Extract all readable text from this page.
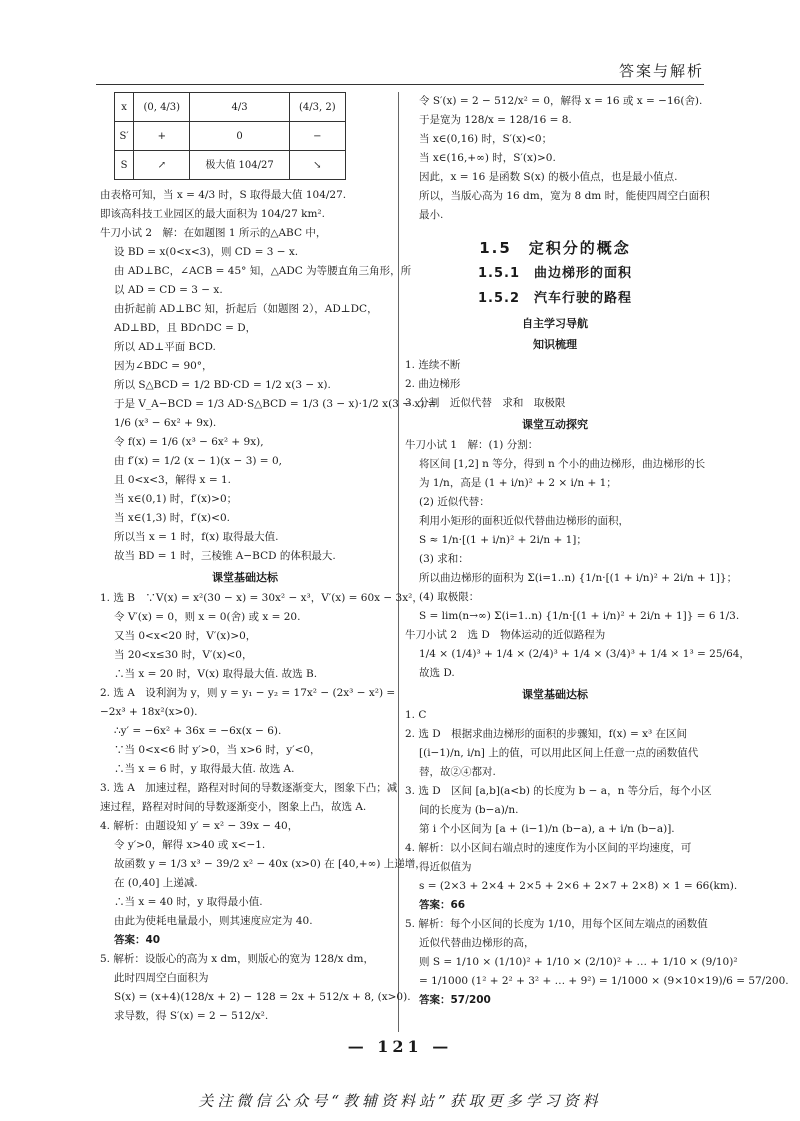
答案与解析
x	(0, 4/3)	4/3	(4/3, 2)
S′	+	0	−
S	↗	极大值 104/27	↘
由表格可知，当 x = 4/3 时，S 取得最大值 104/27.
即该高科技工业园区的最大面积为 104/27 km².
牛刀小试 2　解：在如题图 1 所示的△ABC 中，
设 BD = x(0<x<3)，则 CD = 3 − x.
由 AD⊥BC，∠ACB = 45° 知，△ADC 为等腰直角三角形，所
以 AD = CD = 3 − x.
由折起前 AD⊥BC 知，折起后（如题图 2），AD⊥DC，
AD⊥BD，且 BD∩DC = D，
所以 AD⊥平面 BCD.
因为∠BDC = 90°，
所以 S△BCD = 1/2 BD·CD = 1/2 x(3 − x).
于是 V_A−BCD = 1/3 AD·S△BCD = 1/3 (3 − x)·1/2 x(3 − x) =
1/6 (x³ − 6x² + 9x).
令 f(x) = 1/6 (x³ − 6x² + 9x),
由 f′(x) = 1/2 (x − 1)(x − 3) = 0,
且 0<x<3，解得 x = 1.
当 x∈(0,1) 时，f′(x)>0；
当 x∈(1,3) 时，f′(x)<0.
所以当 x = 1 时，f(x) 取得最大值.
故当 BD = 1 时，三棱锥 A−BCD 的体积最大.
课堂基础达标
1. 选 B　∵V(x) = x²(30 − x) = 30x² − x³，V′(x) = 60x − 3x²，
令 V′(x) = 0，则 x = 0(舍) 或 x = 20.
又当 0<x<20 时，V′(x)>0，
当 20<x≤30 时，V′(x)<0，
∴当 x = 20 时，V(x) 取得最大值. 故选 B.
2. 选 A　设利润为 y，则 y = y₁ − y₂ = 17x² − (2x³ − x²) =
−2x³ + 18x²(x>0).
∴y′ = −6x² + 36x = −6x(x − 6).
∵当 0<x<6 时 y′>0，当 x>6 时，y′<0，
∴当 x = 6 时，y 取得最大值. 故选 A.
3. 选 A　加速过程，路程对时间的导数逐渐变大，图象下凸；减
速过程，路程对时间的导数逐渐变小，图象上凸，故选 A.
4. 解析：由题设知 y′ = x² − 39x − 40，
令 y′>0，解得 x>40 或 x<−1.
故函数 y = 1/3 x³ − 39/2 x² − 40x (x>0) 在 [40,+∞) 上递增，
在 (0,40] 上递减.
∴当 x = 40 时，y 取得最小值.
由此为使耗电量最小，则其速度应定为 40.
答案：40
5. 解析：设版心的高为 x dm，则版心的宽为 128/x dm，
此时四周空白面积为
S(x) = (x+4)(128/x + 2) − 128 = 2x + 512/x + 8, (x>0).
求导数，得 S′(x) = 2 − 512/x².
令 S′(x) = 2 − 512/x² = 0，解得 x = 16 或 x = −16(舍).
于是宽为 128/x = 128/16 = 8.
当 x∈(0,16) 时，S′(x)<0；
当 x∈(16,+∞) 时，S′(x)>0.
因此，x = 16 是函数 S(x) 的极小值点，也是最小值点.
所以，当版心高为 16 dm，宽为 8 dm 时，能使四周空白面积
最小.
1.5　定积分的概念
1.5.1　曲边梯形的面积
1.5.2　汽车行驶的路程
自主学习导航
知识梳理
1. 连续不断
2. 曲边梯形
3. 分割　近似代替　求和　取极限
课堂互动探究
牛刀小试 1　解：(1) 分割：
将区间 [1,2] n 等分，得到 n 个小的曲边梯形，曲边梯形的长
为 1/n，高是 (1 + i/n)² + 2 × i/n + 1；
(2) 近似代替：
利用小矩形的面积近似代替曲边梯形的面积，
S ≈ 1/n·[(1 + i/n)² + 2i/n + 1]；
(3) 求和：
所以曲边梯形的面积为 Σ(i=1..n) {1/n·[(1 + i/n)² + 2i/n + 1]}；
(4) 取极限：
S = lim(n→∞) Σ(i=1..n) {1/n·[(1 + i/n)² + 2i/n + 1]} = 6 1/3.
牛刀小试 2　选 D　物体运动的近似路程为
1/4 × (1/4)³ + 1/4 × (2/4)³ + 1/4 × (3/4)³ + 1/4 × 1³ = 25/64，
故选 D.
课堂基础达标
1. C
2. 选 D　根据求曲边梯形的面积的步骤知，f(x) = x³ 在区间
[(i−1)/n, i/n] 上的值，可以用此区间上任意一点的函数值代
替，故②④都对.
3. 选 D　区间 [a,b](a<b) 的长度为 b − a，n 等分后，每个小区
间的长度为 (b−a)/n.
第 i 个小区间为 [a + (i−1)/n (b−a), a + i/n (b−a)].
4. 解析：以小区间右端点时的速度作为小区间的平均速度，可
得近似值为
s = (2×3 + 2×4 + 2×5 + 2×6 + 2×7 + 2×8) × 1 = 66(km).
答案：66
5. 解析：每个小区间的长度为 1/10，用每个区间左端点的函数值
近似代替曲边梯形的高，
则 S = 1/10 × (1/10)² + 1/10 × (2/10)² + … + 1/10 × (9/10)²
= 1/1000 (1² + 2² + 3² + … + 9²) = 1/1000 × (9×10×19)/6 = 57/200.
答案：57/200
— 121 —
关注微信公众号“教辅资料站”获取更多学习资料
